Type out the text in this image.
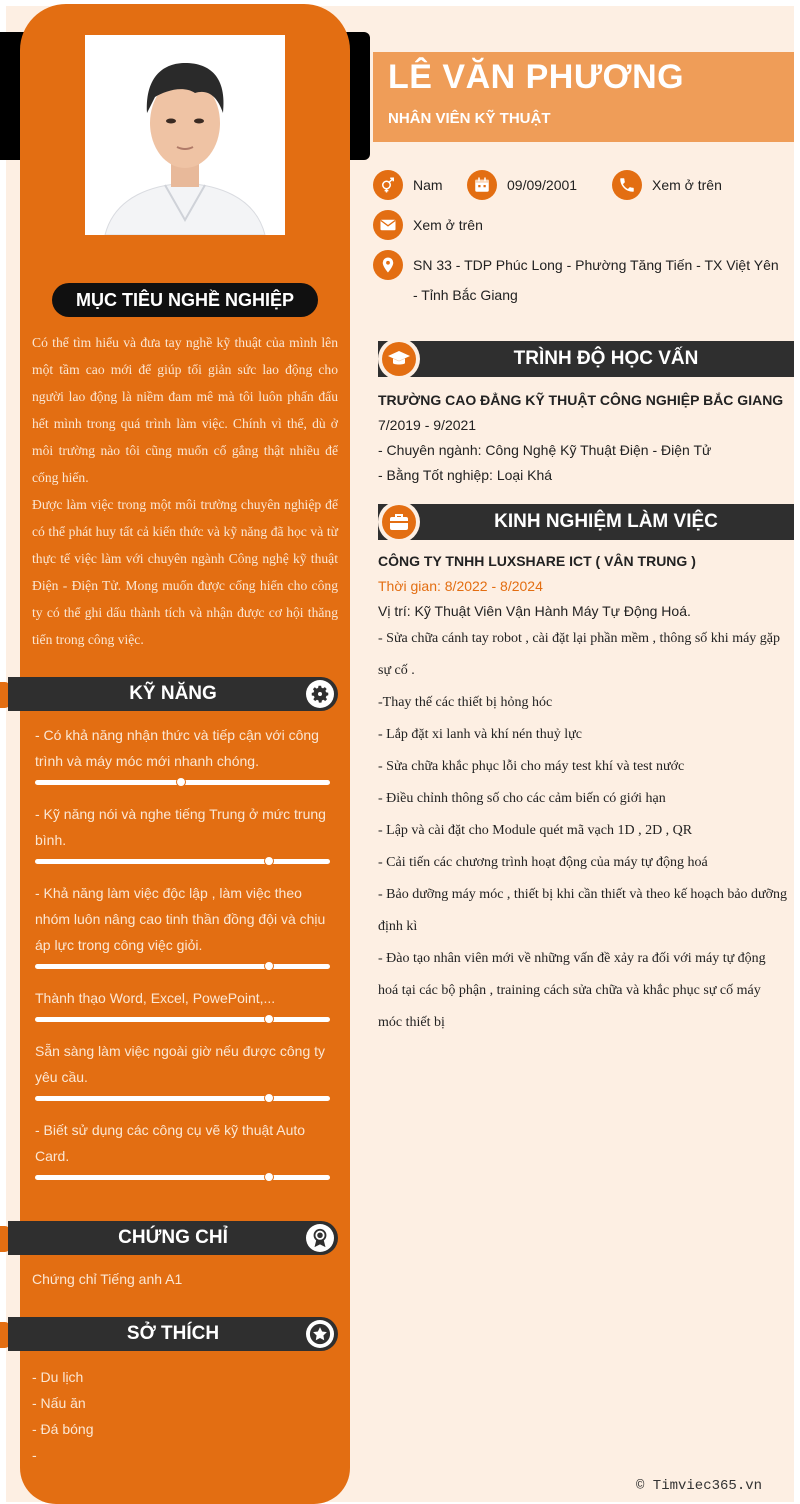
MỤC TIÊU NGHỀ NGHIỆP

Có thể tìm hiểu và đưa tay nghề kỹ thuật của mình lên một tầm cao mới để giúp tối giản sức lao động cho người lao động là niềm đam mê mà tôi luôn phấn đấu hết mình trong quá trình làm việc. Chính vì thế, dù ở môi trường nào tôi cũng muốn cố gắng thật nhiều để cống hiến.

Được làm việc trong một môi trường chuyên nghiệp để có thể phát huy tất cả kiến thức và kỹ năng đã học và từ thực tế việc làm với chuyên ngành Công nghệ kỹ thuật Điện - Điện Tử. Mong muốn được cống hiến cho công ty có thể ghi dấu thành tích và nhận được cơ hội thăng tiến trong công việc.

KỸ NĂNG
- Có khả năng nhận thức và tiếp cận với công trình và máy móc mới nhanh chóng.
- Kỹ năng nói và nghe tiếng Trung ở mức trung bình.
- Khả năng làm việc độc lập , làm việc theo nhóm luôn nâng cao tinh thần đồng đội và chịu áp lực trong công việc giỏi.
Thành thạo Word, Excel, PowePoint,...
Sẵn sàng làm việc ngoài giờ nếu được công ty yêu cầu.
- Biết sử dụng các công cụ vẽ kỹ thuật Auto Card.
CHỨNG CHỈ
Chứng chỉ Tiếng anh A1
SỞ THÍCH
- Du lịch
- Nấu ăn
- Đá bóng
-
LÊ VĂN PHƯƠNG
NHÂN VIÊN KỸ THUẬT
Nam	09/09/2001	Xem ở trên
Xem ở trên
SN 33 - TDP Phúc Long - Phường Tăng Tiến - TX Việt Yên
- Tỉnh Bắc Giang
TRÌNH ĐỘ HỌC VẤN
TRƯỜNG CAO ĐẲNG KỸ THUẬT CÔNG NGHIỆP BẮC GIANG
7/2019 - 9/2021
- Chuyên ngành: Công Nghệ Kỹ Thuật Điện - Điện Tử
- Bằng Tốt nghiệp: Loại Khá
KINH NGHIỆM LÀM VIỆC
CÔNG TY TNHH LUXSHARE ICT ( VÂN TRUNG )
Thời gian: 8/2022 - 8/2024
Vị trí: Kỹ Thuật Viên Vận Hành Máy Tự Động Hoá.
- Sửa chữa cánh tay robot , cài đặt lại phần mềm , thông số khi máy gặp sự cố .
-Thay thế các thiết bị hỏng hóc
- Lắp đặt xi lanh và khí nén thuỷ lực
- Sửa chữa khắc phục lỗi cho máy test khí và test nước
- Điều chỉnh thông số cho các cảm biến có giới hạn
- Lập và cài đặt cho Module quét mã vạch 1D , 2D , QR
- Cải tiến các chương trình hoạt động của máy tự động hoá
- Bảo dưỡng máy móc , thiết bị khi cần thiết và theo kế hoạch bảo dưỡng định kì
- Đào tạo nhân viên mới về những vấn đề xảy ra đối với máy tự động hoá tại các bộ phận , training cách sửa chữa và khắc phục sự cố máy móc thiết bị
© Timviec365.vn
